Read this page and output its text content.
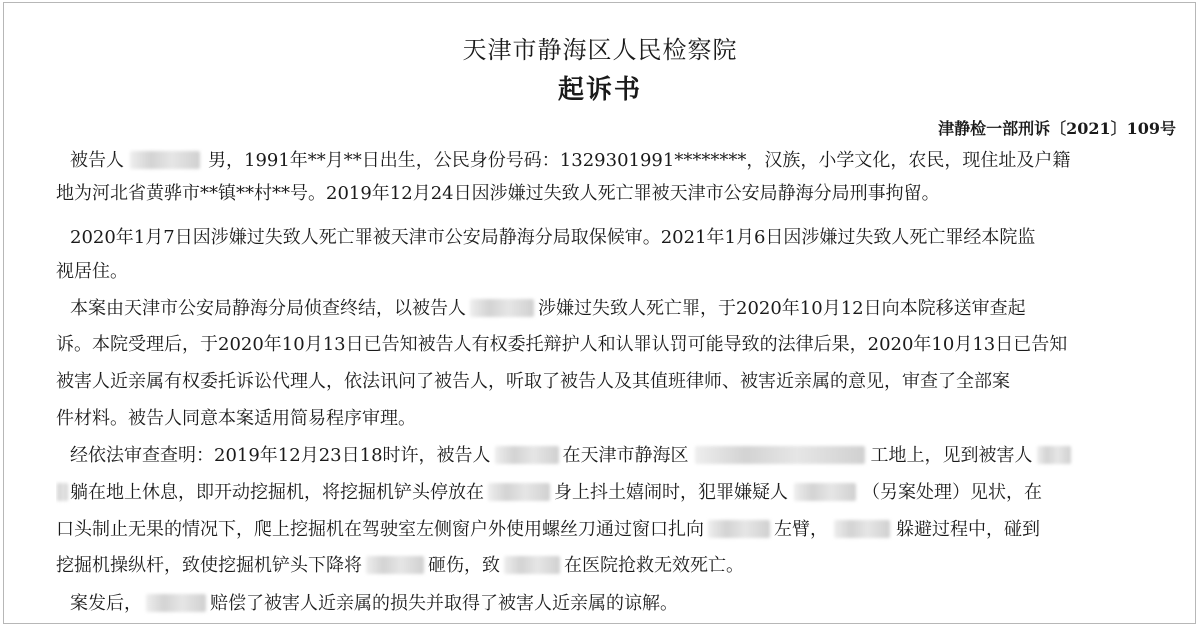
天津市静海区人民检察院
起诉书
津静检一部刑诉〔2021〕109号
被告人	男，1991年**月**日出生，公民身份号码：1329301991********，汉族，小学文化，农民，现住址及户籍
地为河北省黄骅市**镇**村**号。2019年12月24日因涉嫌过失致人死亡罪被天津市公安局静海分局刑事拘留。
2020年1月7日因涉嫌过失致人死亡罪被天津市公安局静海分局取保候审。2021年1月6日因涉嫌过失致人死亡罪经本院监
视居住。
本案由天津市公安局静海分局侦查终结，以被告人	涉嫌过失致人死亡罪，于2020年10月12日向本院移送审查起
诉。本院受理后，于2020年10月13日已告知被告人有权委托辩护人和认罪认罚可能导致的法律后果，2020年10月13日已告知
被害人近亲属有权委托诉讼代理人，依法讯问了被告人，听取了被告人及其值班律师、被害近亲属的意见，审查了全部案
件材料。被告人同意本案适用简易程序审理。
经依法审查查明：2019年12月23日18时许，被告人	在天津市静海区	工地上，见到被害人
躺在地上休息，即开动挖掘机，将挖掘机铲头停放在	身上抖土嬉闹时，犯罪嫌疑人	（另案处理）见状，在
口头制止无果的情况下，爬上挖掘机在驾驶室左侧窗户外使用螺丝刀通过窗口扎向	左臂，	躲避过程中，碰到
挖掘机操纵杆，致使挖掘机铲头下降将	砸伤，致	在医院抢救无效死亡。
案发后，	赔偿了被害人近亲属的损失并取得了被害人近亲属的谅解。
